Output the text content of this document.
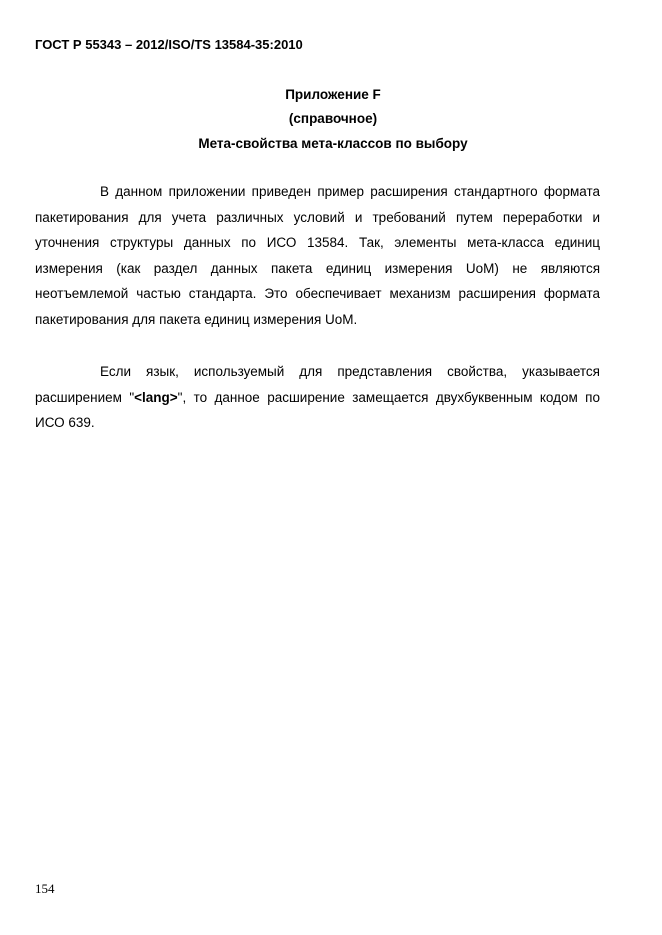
ГОСТ Р 55343 – 2012/ISO/TS 13584-35:2010
Приложение F
(справочное)
Мета-свойства мета-классов по выбору

В данном приложении приведен пример расширения стандартного формата пакетирования для учета различных условий и требований путем переработки и уточнения структуры данных по ИСО 13584. Так, элементы мета-класса единиц измерения (как раздел данных пакета единиц измерения UoM) не являются неотъемлемой частью стандарта. Это обеспечивает механизм расширения формата пакетирования для пакета единиц измерения UoM.

Если язык, используемый для представления свойства, указывается расширением "<lang>", то данное расширение замещается двухбуквенным кодом по ИСО 639.

154
